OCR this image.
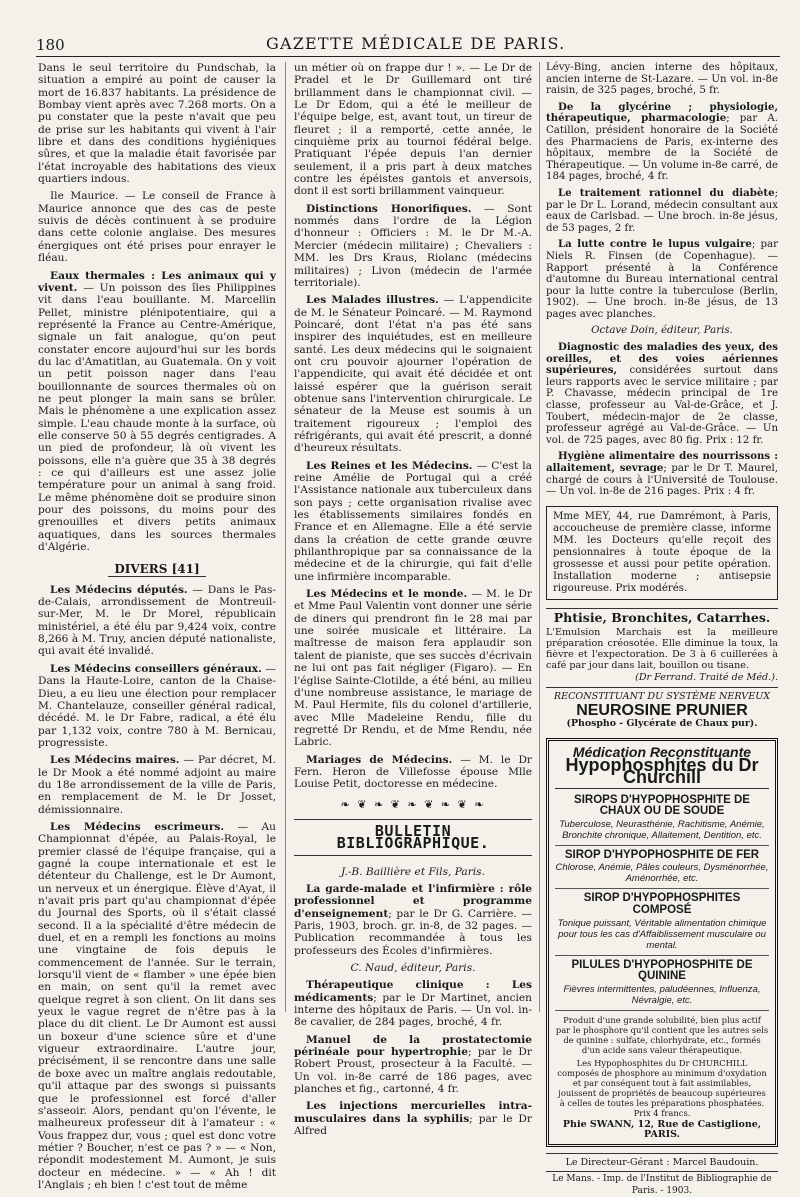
180	GAZETTE MÉDICALE DE PARIS.

Dans le seul territoire du Pundschab, la situation a empiré au point de causer la mort de 16.837 habitants. La présidence de Bombay vient après avec 7.268 morts. On a pu constater que la peste n'avait que peu de prise sur les habitants qui vivent à l'air libre et dans des conditions hygiéniques sûres, et que la maladie était favorisée par l'état incroyable des habitations des vieux quartiers indous.

Ile Maurice. — Le conseil de France à Maurice annonce que des cas de peste suivis de décès continuent à se produire dans cette colonie anglaise. Des mesures énergiques ont été prises pour enrayer le fléau.

Eaux thermales : Les animaux qui y vivent. — Un poisson des îles Philippines vit dans l'eau bouillante. M. Marcellin Pellet, ministre plénipotentiaire, qui a représenté la France au Centre-Amérique, signale un fait analogue, qu'on peut constater encore aujourd'hui sur les bords du lac d'Amatitlan, au Guatemala. On y voit un petit poisson nager dans l'eau bouillonnante de sources thermales où on ne peut plonger la main sans se brûler. Mais le phénomène a une explication assez simple. L'eau chaude monte à la surface, où elle conserve 50 à 55 degrés centigrades. A un pied de profondeur, là où vivent les poissons, elle n'a guère que 35 à 38 degrés : ce qui d'ailleurs est une assez jolie température pour un animal à sang froid. Le même phénomène doit se produire sinon pour des poissons, du moins pour des grenouilles et divers petits animaux aquatiques, dans les sources thermales d'Algérie.

DIVERS [41]

Les Médecins députés. — Dans le Pas-de-Calais, arrondissement de Montreuil-sur-Mer, M. le Dr Morel, républicain ministériel, a été élu par 9,424 voix, contre 8,266 à M. Truy, ancien député nationaliste, qui avait été invalidé.

Les Médecins conseillers généraux. — Dans la Haute-Loire, canton de la Chaise-Dieu, a eu lieu une élection pour remplacer M. Chantelauze, conseiller général radical, décédé. M. le Dr Fabre, radical, a été élu par 1,132 voix, contre 780 à M. Bernicau, progressiste.

Les Médecins maires. — Par décret, M. le Dr Mook a été nommé adjoint au maire du 18e arrondissement de la ville de Paris, en remplacement de M. le Dr Josset, démissionnaire.

Les Médecins escrimeurs. — Au Championnat d'épée, au Palais-Royal, le premier classé de l'équipe française, qui a gagné la coupe internationale et est le détenteur du Challenge, est le Dr Aumont, un nerveux et un énergique. Élève d'Ayat, il n'avait pris part qu'au championnat d'épée du Journal des Sports, où il s'était classé second. Il a la spécialité d'être médecin de duel, et en a rempli les fonctions au moins une vingtaine de fois depuis le commencement de l'année. Sur le terrain, lorsqu'il vient de « flamber » une épée bien en main, on sent qu'il la remet avec quelque regret à son client. On lit dans ses yeux le vague regret de n'être pas à la place du dit client. Le Dr Aumont est aussi un boxeur d'une science sûre et d'une vigueur extraordinaire. L'autre jour, précisément, il se rencontre dans une salle de boxe avec un maître anglais redoutable, qu'il attaque par des swongs si puissants que le professionnel est forcé d'aller s'asseoir. Alors, pendant qu'on l'évente, le malheureux professeur dit à l'amateur : « Vous frappez dur, vous ; quel est donc votre métier ? Boucher, n'est ce pas ? » — « Non, répondit modestement M. Aumont, je suis docteur en médecine. » — « Ah ! dit l'Anglais ; eh bien ! c'est tout de même

un métier où on frappe dur ! ». — Le Dr de Pradel et le Dr Guillemard ont tiré brillamment dans le championnat civil. — Le Dr Edom, qui a été le meilleur de l'équipe belge, est, avant tout, un tireur de fleuret ; il a remporté, cette année, le cinquième prix au tournoi fédéral belge. Pratiquant l'épée depuis l'an dernier seulement, il a pris part à deux matches contre les épéistes gantois et anversois, dont il est sorti brillamment vainqueur.

Distinctions Honorifiques. — Sont nommés dans l'ordre de la Légion d'honneur : Officiers : M. le Dr M.-A. Mercier (médecin militaire) ; Chevaliers : MM. les Drs Kraus, Riolanc (médecins militaires) ; Livon (médecin de l'armée territoriale).

Les Malades illustres. — L'appendicite de M. le Sénateur Poincaré. — M. Raymond Poincaré, dont l'état n'a pas été sans inspirer des inquiétudes, est en meilleure santé. Les deux médecins qui le soignaient ont cru pouvoir ajourner l'opération de l'appendicite, qui avait été décidée et ont laissé espérer que la guérison serait obtenue sans l'intervention chirurgicale. Le sénateur de la Meuse est soumis à un traitement rigoureux ; l'emploi des réfrigérants, qui avait été prescrit, a donné d'heureux résultats.

Les Reines et les Médecins. — C'est la reine Amélie de Portugal qui a créé l'Assistance nationale aux tuberculeux dans son pays ; cette organisation rivalise avec les établissements similaires fondés en France et en Allemagne. Elle a été servie dans la création de cette grande œuvre philanthropique par sa connaissance de la médecine et de la chirurgie, qui fait d'elle une infirmière incomparable.

Les Médecins et le monde. — M. le Dr et Mme Paul Valentin vont donner une série de diners qui prendront fin le 28 mai par une soirée musicale et littéraire. La maîtresse de maison fera applaudir son talent de pianiste, que ses succès d'écrivain ne lui ont pas fait négliger (Figaro). — En l'église Sainte-Clotilde, a été béni, au milieu d'une nombreuse assistance, le mariage de M. Paul Hermite, fils du colonel d'artillerie, avec Mlle Madeleine Rendu, fille du regretté Dr Rendu, et de Mme Rendu, née Labric.

Mariages de Médecins. — M. le Dr Fern. Heron de Villefosse épouse Mlle Louise Petit, doctoresse en médecine.

❧ ❦ ❧ ❦ ❧ ❦ ❧ ❦ ❧
BULLETIN BIBLIOGRAPHIQUE.

J.-B. Baillière et Fils, Paris.

La garde-malade et l'infirmière : rôle professionnel et programme d'enseignement; par le Dr G. Carrière. — Paris, 1903, broch. gr. in-8, de 32 pages. — Publication recommandée à tous les professeurs des Écoles d'infirmières.

C. Naud, éditeur, Paris.

Thérapeutique clinique : Les médicaments; par le Dr Martinet, ancien interne des hôpitaux de Paris. — Un vol. in-8e cavalier, de 284 pages, broché, 4 fr.

Manuel de la prostatectomie périnéale pour hypertrophie; par le Dr Robert Proust, prosecteur à la Faculté. — Un vol. in-8e carré de 186 pages, avec planches et fig., cartonné, 4 fr.

Les injections mercurielles intra-musculaires dans la syphilis; par le Dr Alfred

Lévy-Bing, ancien interne des hôpitaux, ancien interne de St-Lazare. — Un vol. in-8e raisin, de 325 pages, broché, 5 fr.

De la glycérine ; physiologie, thérapeutique, pharmacologie; par A. Catillon, président honoraire de la Société des Pharmaciens de Paris, ex-interne des hôpitaux, membre de la Société de Thérapeutique. — Un volume in-8e carré, de 184 pages, broché, 4 fr.

Le traitement rationnel du diabète; par le Dr L. Lorand, médecin consultant aux eaux de Carlsbad. — Une broch. in-8e jésus, de 53 pages, 2 fr.

La lutte contre le lupus vulgaire; par Niels R. Finsen (de Copenhague). — Rapport présenté à la Conférence d'automne du Bureau international central pour la lutte contre la tuberculose (Berlin, 1902). — Une broch. in-8e jésus, de 13 pages avec planches.

Octave Doin, éditeur, Paris.

Diagnostic des maladies des yeux, des oreilles, et des voies aériennes supérieures, considérées surtout dans leurs rapports avec le service militaire ; par P. Chavasse, médecin principal de 1re classe, professeur au Val-de-Grâce, et J. Toubert, médecin-major de 2e classe, professeur agrégé au Val-de-Grâce. — Un vol. de 725 pages, avec 80 fig. Prix : 12 fr.

Hygiène alimentaire des nourrissons : allaitement, sevrage; par le Dr T. Maurel, chargé de cours à l'Université de Toulouse. — Un vol. in-8e de 216 pages. Prix : 4 fr.

Mme MEY, 44, rue Damrémont, à Paris, accoucheuse de première classe, informe MM. les Docteurs qu'elle reçoit des pensionnaires à toute époque de la grossesse et aussi pour petite opération. Installation moderne ; antisepsie rigoureuse. Prix modérés.

Phtisie, Bronchites, Catarrhes.

L'Emulsion Marchais est la meilleure préparation créosotée. Elle diminue la toux, la fièvre et l'expectoration. De 3 à 6 cuillerées à café par jour dans lait, bouillon ou tisane.

(Dr Ferrand. Traité de Méd.).

RECONSTITUANT DU SYSTÈME NERVEUX

NEUROSINE PRUNIER

(Phospho - Glycérate de Chaux pur).

Médication Reconstituante
Hypophosphites du Dr Churchill
SIROPS D'HYPOPHOSPHITE DE CHAUX OU DE SOUDE
Tuberculose, Neurasthénie, Rachitisme, Anémie, Bronchite chronique, Allaitement, Dentition, etc.
SIROP D'HYPOPHOSPHITE DE FER
Chlorose, Anémie, Pâles couleurs, Dysménorrhée, Aménorrhée, etc.
SIROP D'HYPOPHOSPHITES COMPOSÉ
Tonique puissant, Véritable alimentation chimique pour tous les cas d'Affaiblissement musculaire ou mental.
PILULES D'HYPOPHOSPHITE DE QUININE
Fièvres intermittentes, paludéennes, Influenza, Névralgie, etc.
Produit d'une grande solubilité, bien plus actif par le phosphore qu'il contient que les autres sels de quinine : sulfate, chlorhydrate, etc., formés d'un acide sans valeur thérapeutique.
Les Hypophosphites du Dr CHURCHILL composés de phosphore au minimum d'oxydation et par conséquent tout à fait assimilables, jouissent de propriétés de beaucoup supérieures à celles de toutes les préparations phosphatées. Prix 4 francs.
Phie SWANN, 12, Rue de Castiglione, PARIS.
Le Directeur-Gérant : Marcel Baudouin.
Le Mans. - Imp. de l'Institut de Bibliographie de Paris. - 1903.
